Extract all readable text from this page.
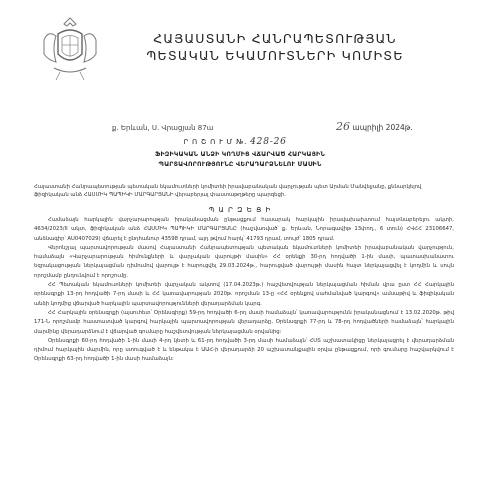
ՀԱՅԱՍՏԱՆԻ ՀԱՆՐԱՊԵՏՈՒԹՅԱՆ
ՊԵՏԱԿԱՆ ԵԿԱՄՈՒՏՆԵՐԻ ԿՈՄԻՏԵ
ք. Երևան, Ս. Վրացյան 87ա	26 ապրիլի 2024թ.
Ր Ո Շ Ո Ւ Մ №. 428-26
ՖԻԶԻԿԱԿԱՆ ԱՆՁԻ ԿՈՂՄԻՑ ՎՃԱՐՎԱԾ ՀԱՐԿԱՅԻՆ
ՊԱՐՏԱՎՈՐՈՒԹՅՈՒՆԸ ՎԵՐԱԴԱՐՁՆԵԼՈՒ ՄԱՍԻՆ
Հայաստանի Հանրապետության պետական եկամուտների կոմիտեի իրավաբանական վարչության պետ Արման Մանվելյանը, քննարկելով ֆիզիկական անձ ՀԱՍՄԻԿ ՊԱՊԻԿԻ ՄԱՐԳԱՐՅԱՆԻ վերաբերյալ փաստաթղթերը պարզեցի.
Պ Ա Ր Զ Ե Ց Ի

Համաձայն հարկային վարչարարության իրականացման ընթացքում հասարակ հարկային իրավախախտում հայտնաբերելու ակտի, 4634/2023/II ակտ, ֆիզիկական անձ ՀԱՍՄԻԿ ՊԱՊԻԿԻ ՄԱՐԳԱՐՅԱՆԸ (հաշվառված՝ ք. Երևան, Նորագավիթ 13փող., 6 տուն) ՀՎՀՀ 23106647, անձնագիր՝ AU0407029) վճարել է ընդհանուր 43598 դրամ, այդ թվում հարկ՝ 41793 դրամ, տույժ՝ 1805 դրամ.

Վերոնշյալ պարտավորության մասով Հայաստանի Հանրապետության պետական եկամուտների կոմիտեի իրավաբանական վարչություն, համաձայն «Վարչարարության հիմունքների և վարչական վարույթի մասին» ՀՀ օրենքի 30-րդ հոդվածի 1-ին մասի, պատասխանատու եզրակացության ներկայացման դիմումով վարույթ է հարուցվել 29.03.2024թ., հարուցված վարույթի մասին հայտ ներկայացվել է կողմին և սույն որոշմամբ ընդունվում է որոշումը.

ՀՀ Պետական եկամուտների կոմիտեի վարչական ակտով (17.04.2023թ.) հաշվետվության ներկայացման հիման վրա ըստ ՀՀ Հարկային օրենսգրքի 13-րդ հոդվածի 7-րդ մասի և ՀՀ կառավարության 2020թ. որոշման 13-ը «ՀՀ օրենքով սահմանված կարգով» ամսաթիվ և ֆիզիկական անձի կողմից վճարված հարկային պարտավորությունների վերադարձման կարգ.

ՀՀ Հարկային օրենսգրքի (այսուհետ՝ Օրենսգիրք) 59-րդ հոդվածի 6-րդ մասի համաձայն՝ կառավարությունն իրականացնում է 13.02.2020թ. թիվ 171-Ն որոշմամբ հաստատված կարգով հարկային պարտավորության վերադարձը, Օրենսգրքի 77-րդ և 78-րդ հոդվածների համաձայն՝ հարկային մարմինը վերադարձնում է վճարված գումարը հաշվետվության ներկայացման օրվանից:

Օրենսգրքի 60-րդ հոդվածի 1-ին մասի 4-րդ կետի և 61-րդ հոդվածի 3-րդ մասի համաձայն՝ ՀՍՏ աշխատակիցը ներկայացրել է վերադարձման դիմում հարկային մարմին, որը ստուգված է և ենթակա է ԱԱՀ-ի վերադարձի 20 աշխատանքային օրվա ընթացքում, որի գումարը հաշվարկվում է Օրենսգրքի 63-րդ հոդվածի 1-ին մասի համաձայն:
